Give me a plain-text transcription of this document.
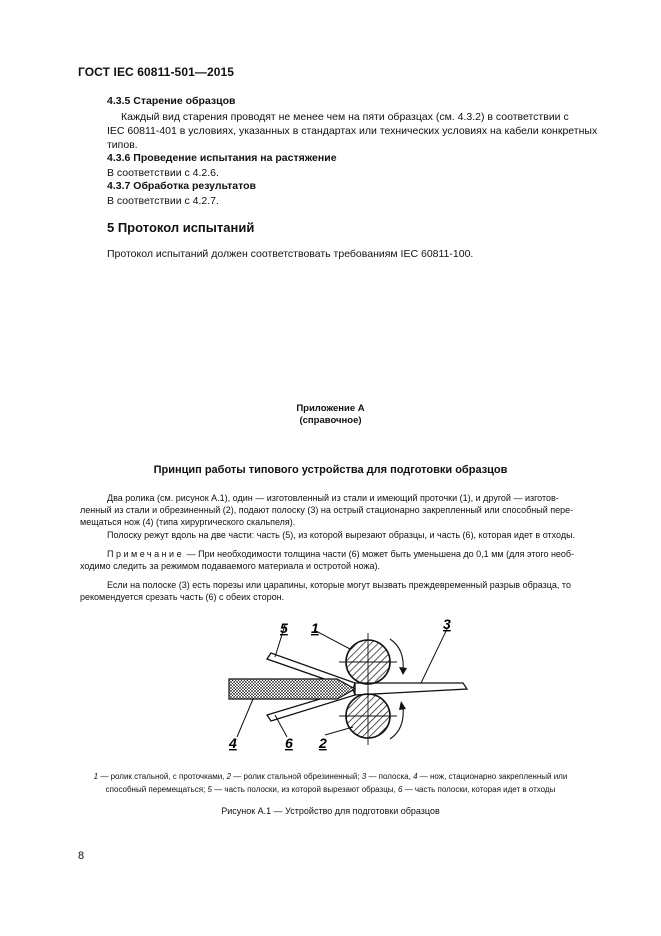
ГОСТ IEC 60811-501—2015
4.3.5 Старение образцов
Каждый вид старения проводят не менее чем на пяти образцах (см. 4.3.2) в соответствии с
IEC 60811-401 в условиях, указанных в стандартах или технических условиях на кабели конкретных
типов.
4.3.6 Проведение испытания на растяжение
В соответствии с 4.2.6.
4.3.7 Обработка результатов
В соответствии с 4.2.7.
5 Протокол испытаний
Протокол испытаний должен соответствовать требованиям IEC 60811-100.
Приложение А
(справочное)
Принцип работы типового устройства для подготовки образцов
Два ролика (см. рисунок А.1), один — изготовленный из стали и имеющий проточки (1), и другой — изготов-
ленный из стали и обрезиненный (2), подают полоску (3) на острый стационарно закрепленный или способный пере-
мещаться нож (4) (типа хирургического скальпеля).
Полоску режут вдоль на две части: часть (5), из которой вырезают образцы, и часть (6), которая идет в отходы.
Примечание — При необходимости толщина части (6) может быть уменьшена до 0,1 мм (для этого необ-
ходимо следить за режимом подаваемого материала и остротой ножа).
Если на полоске (3) есть порезы или царапины, которые могут вызвать преждевременный разрыв образца, то
рекомендуется срезать часть (6) с обеих сторон.
5 1	3
4	6 2
1 — ролик стальной, с проточками, 2 — ролик стальной обрезиненный; 3 — полоска, 4 — нож, стационарно закрепленный или
способный перемещаться; 5 — часть полоски, из которой вырезают образцы, 6 — часть полоски, которая идет в отходы
Рисунок А.1 — Устройство для подготовки образцов
8
